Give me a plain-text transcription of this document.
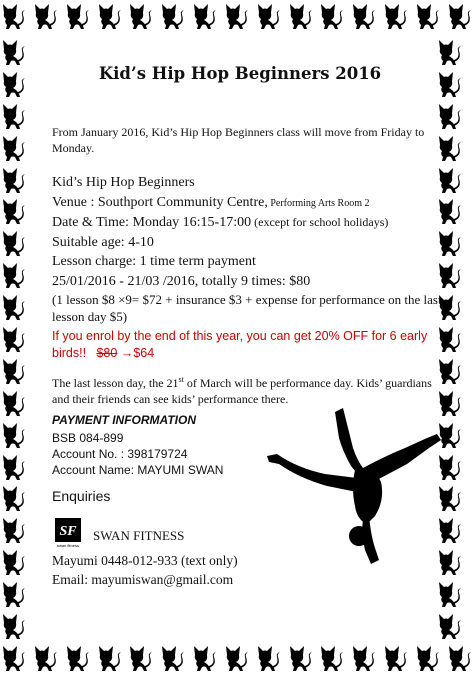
Kid’s Hip Hop Beginners 2016
From January 2016, Kid’s Hip Hop Beginners class will move from Friday to Monday.
Kid’s Hip Hop Beginners
Venue : Southport Community Centre, Performing Arts Room 2
Date & Time: Monday 16:15-17:00 (except for school holidays)
Suitable age: 4-10
Lesson charge: 1 time term payment
25/01/2016 - 21/03 /2016, totally 9 times: $80
(1 lesson $8 ×9= $72 + insurance $3 + expense for performance on the last lesson day $5)
If you enrol by the end of this year, you can get 20% OFF for 6 early birds!! $80 →$64
The last lesson day, the 21st of March will be performance day. Kids’ guardians and their friends can see kids’ performance there.
PAYMENT INFORMATION
BSB 084-899
Account No. : 398179724
Account Name: MAYUMI SWAN
Enquiries
SF
swan fitness
SWAN FITNESS
Mayumi 0448-012-933 (text only)
Email: mayumiswan@gmail.com
